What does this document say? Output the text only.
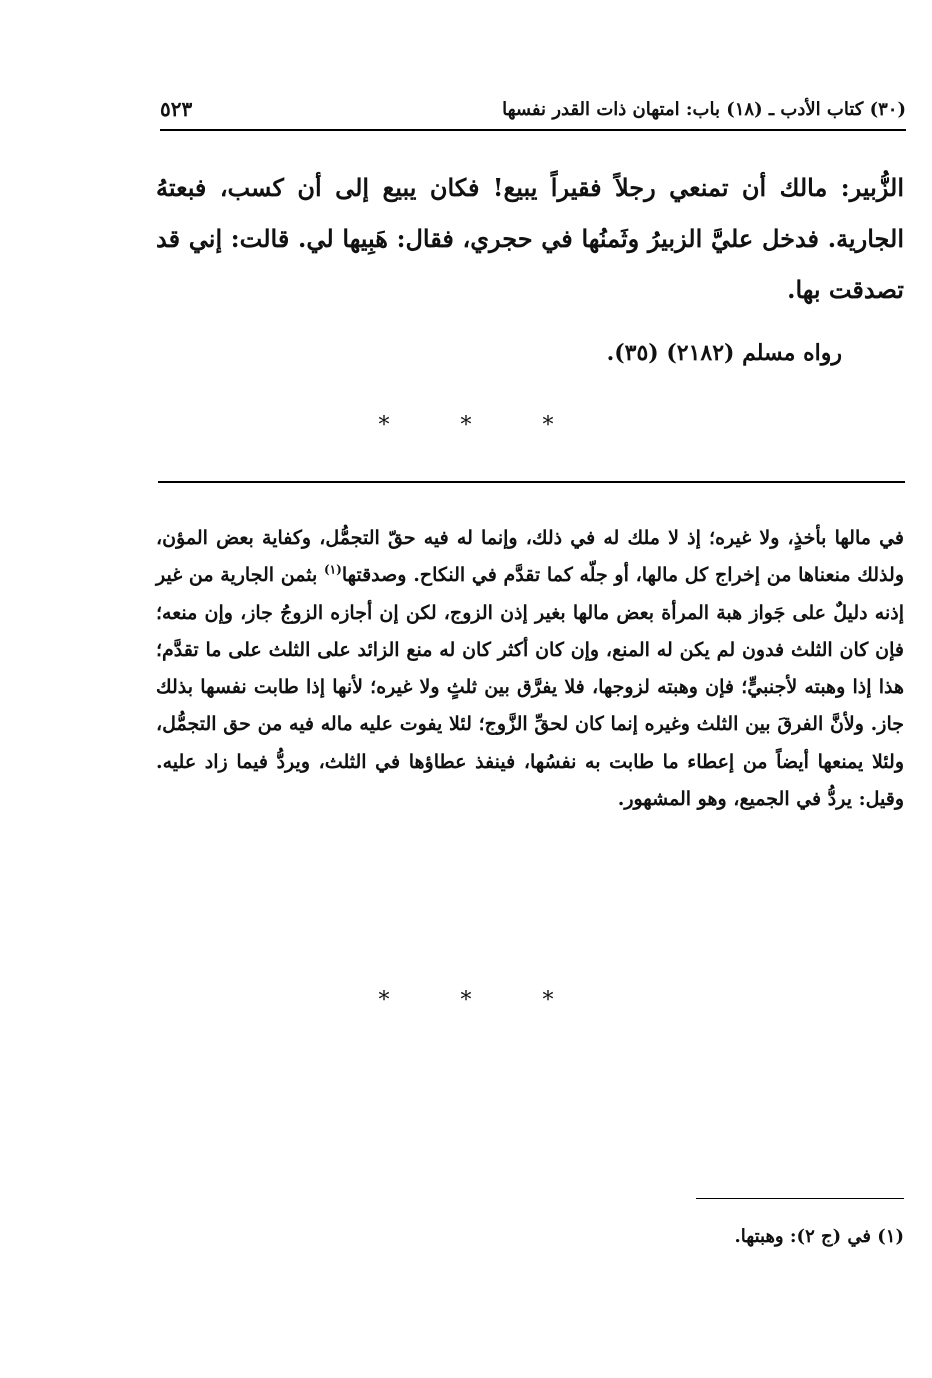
(٣٠) كتاب الأدب ـ (١٨) باب: امتهان ذات القدر نفسها
٥٢٣

الزُّبير: مالك أن تمنعي رجلاً فقيراً يبيع! فكان يبيع إلى أن كسب، فبعتهُ الجارية. فدخل عليَّ الزبيرُ وثَمنُها في حجري، فقال: هَبِيها لي. قالت: إني قد تصدقت بها.

رواه مسلم (٢١٨٢) (٣٥).
*	*	*

في مالها بأخذٍ، ولا غيره؛ إذ لا ملك له في ذلك، وإنما له فيه حقّ التجمُّل، وكفاية بعض المؤن، ولذلك منعناها من إخراج كل مالها، أو جلّه كما تقدَّم في النكاح. وصدقتها$^{(١)}$ بثمن الجارية من غير إذنه دليلٌ على جَواز هبة المرأة بعض مالها بغير إذن الزوج، لكن إن أجازه الزوجُ جاز، وإن منعه؛ فإن كان الثلث فدون لم يكن له المنع، وإن كان أكثر كان له منع الزائد على الثلث على ما تقدَّم؛ هذا إذا وهبته لأجنبيٍّ؛ فإن وهبته لزوجها، فلا يفرَّق بين ثلثٍ ولا غيره؛ لأنها إذا طابت نفسها بذلك جاز. ولأنَّ الفرقَ بين الثلث وغيره إنما كان لحقِّ الزَّوج؛ لئلا يفوت عليه ماله فيه من حق التجمُّل، ولئلا يمنعها أيضاً من إعطاء ما طابت به نفسُها، فينفذ عطاؤها في الثلث، ويردُّ فيما زاد عليه. وقيل: يردُّ في الجميع، وهو المشهور.

*	*	*
(١) في (ج ٢): وهبتها.
